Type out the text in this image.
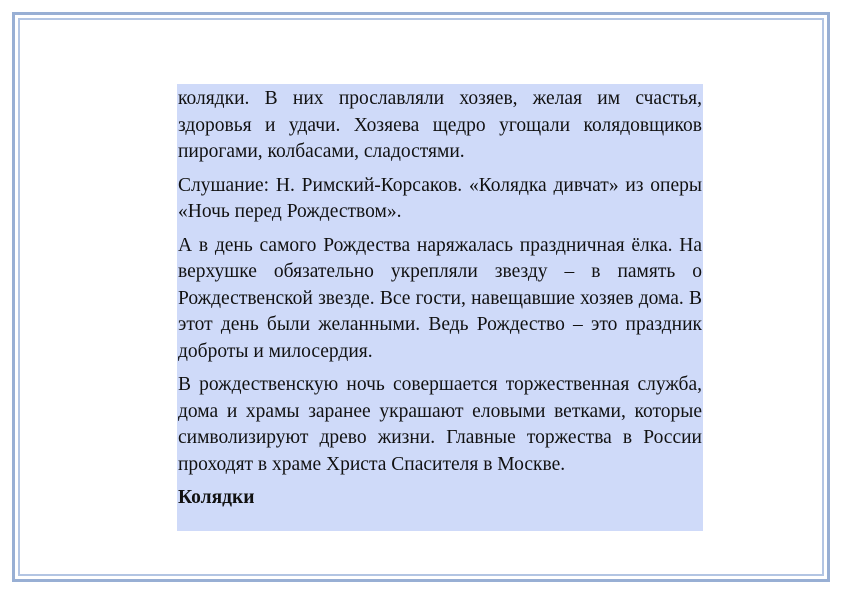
колядки. В них прославляли хозяев, желая им счастья, здоровья и удачи. Хозяева щедро угощали колядовщиков пирогами, колбасами, сладостями.

Слушание: Н. Римский-Корсаков. «Колядка дивчат» из оперы «Ночь перед Рождеством».

А в день самого Рождества наряжалась праздничная ёлка. На верхушке обязательно укрепляли звезду – в память о Рождественской звезде. Все гости, навещавшие хозяев дома. В этот день были желанными. Ведь Рождество – это праздник доброты и милосердия.

В рождественскую ночь совершается торжественная служба, дома и храмы заранее украшают еловыми ветками, которые символизируют древо жизни. Главные торжества в России проходят в храме Христа Спасителя в Москве.

Колядки
